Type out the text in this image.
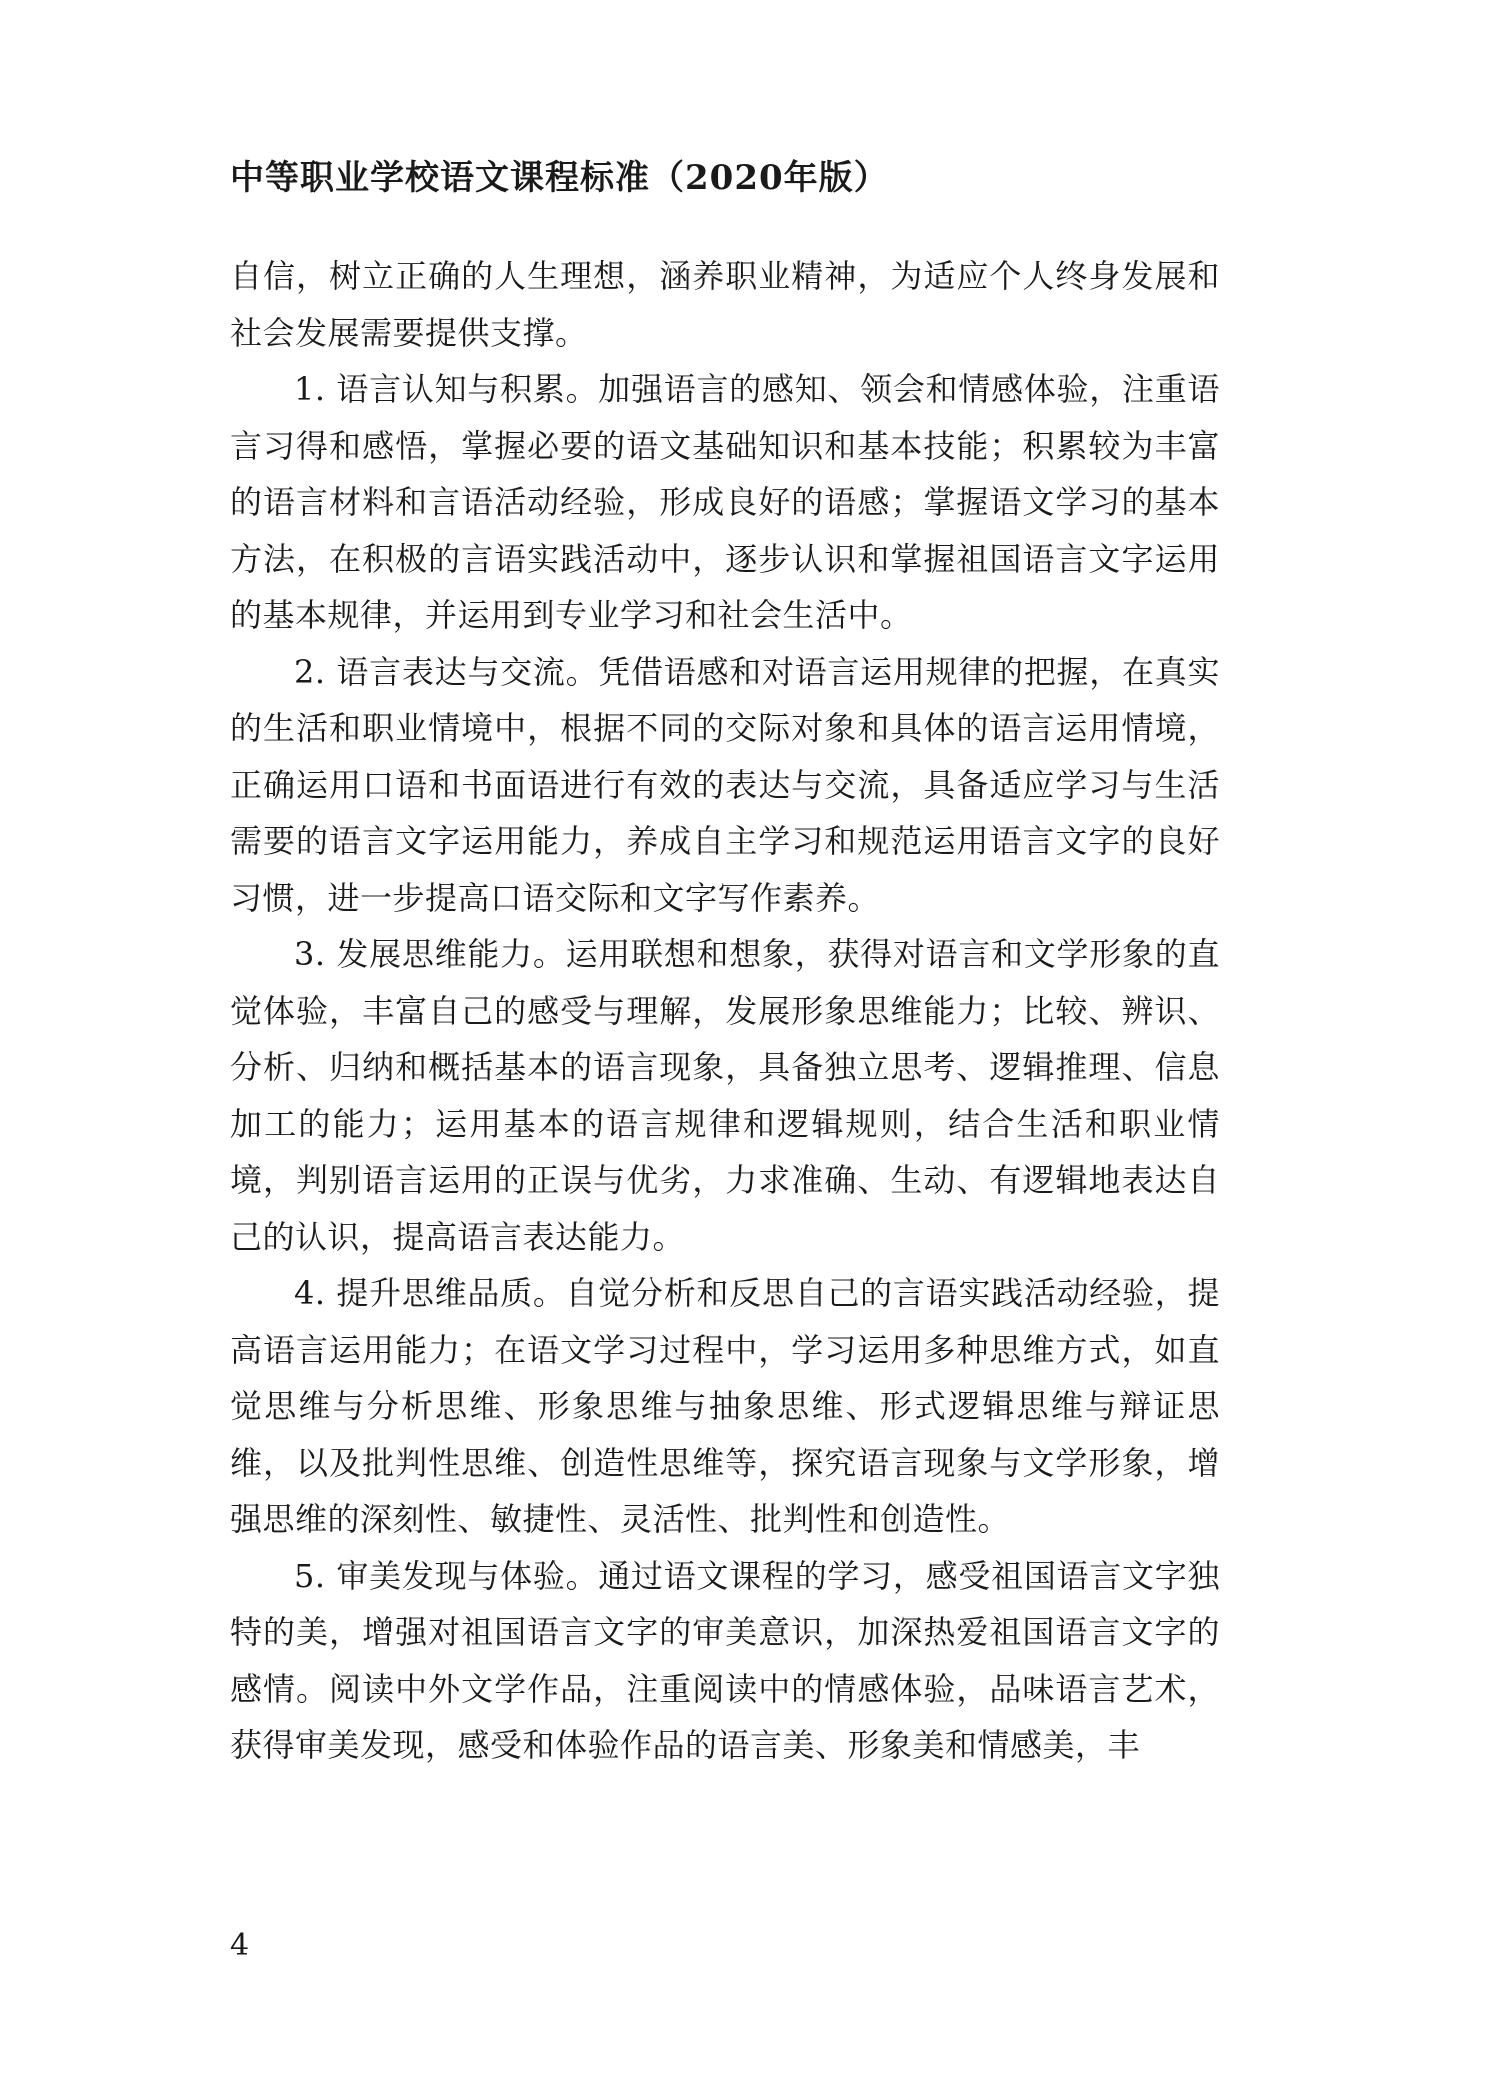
中等职业学校语文课程标准（2020年版）

自信，树立正确的人生理想，涵养职业精神，为适应个人终身发展和社会发展需要提供支撑。

1. 语言认知与积累。加强语言的感知、领会和情感体验，注重语言习得和感悟，掌握必要的语文基础知识和基本技能；积累较为丰富的语言材料和言语活动经验，形成良好的语感；掌握语文学习的基本方法，在积极的言语实践活动中，逐步认识和掌握祖国语言文字运用的基本规律，并运用到专业学习和社会生活中。

2. 语言表达与交流。凭借语感和对语言运用规律的把握，在真实的生活和职业情境中，根据不同的交际对象和具体的语言运用情境，正确运用口语和书面语进行有效的表达与交流，具备适应学习与生活需要的语言文字运用能力，养成自主学习和规范运用语言文字的良好习惯，进一步提高口语交际和文字写作素养。

3. 发展思维能力。运用联想和想象，获得对语言和文学形象的直觉体验，丰富自己的感受与理解，发展形象思维能力；比较、辨识、分析、归纳和概括基本的语言现象，具备独立思考、逻辑推理、信息加工的能力；运用基本的语言规律和逻辑规则，结合生活和职业情境，判别语言运用的正误与优劣，力求准确、生动、有逻辑地表达自己的认识，提高语言表达能力。

4. 提升思维品质。自觉分析和反思自己的言语实践活动经验，提高语言运用能力；在语文学习过程中，学习运用多种思维方式，如直觉思维与分析思维、形象思维与抽象思维、形式逻辑思维与辩证思维，以及批判性思维、创造性思维等，探究语言现象与文学形象，增强思维的深刻性、敏捷性、灵活性、批判性和创造性。

5. 审美发现与体验。通过语文课程的学习，感受祖国语言文字独特的美，增强对祖国语言文字的审美意识，加深热爱祖国语言文字的感情。阅读中外文学作品，注重阅读中的情感体验，品味语言艺术，获得审美发现，感受和体验作品的语言美、形象美和情感美，丰

4
